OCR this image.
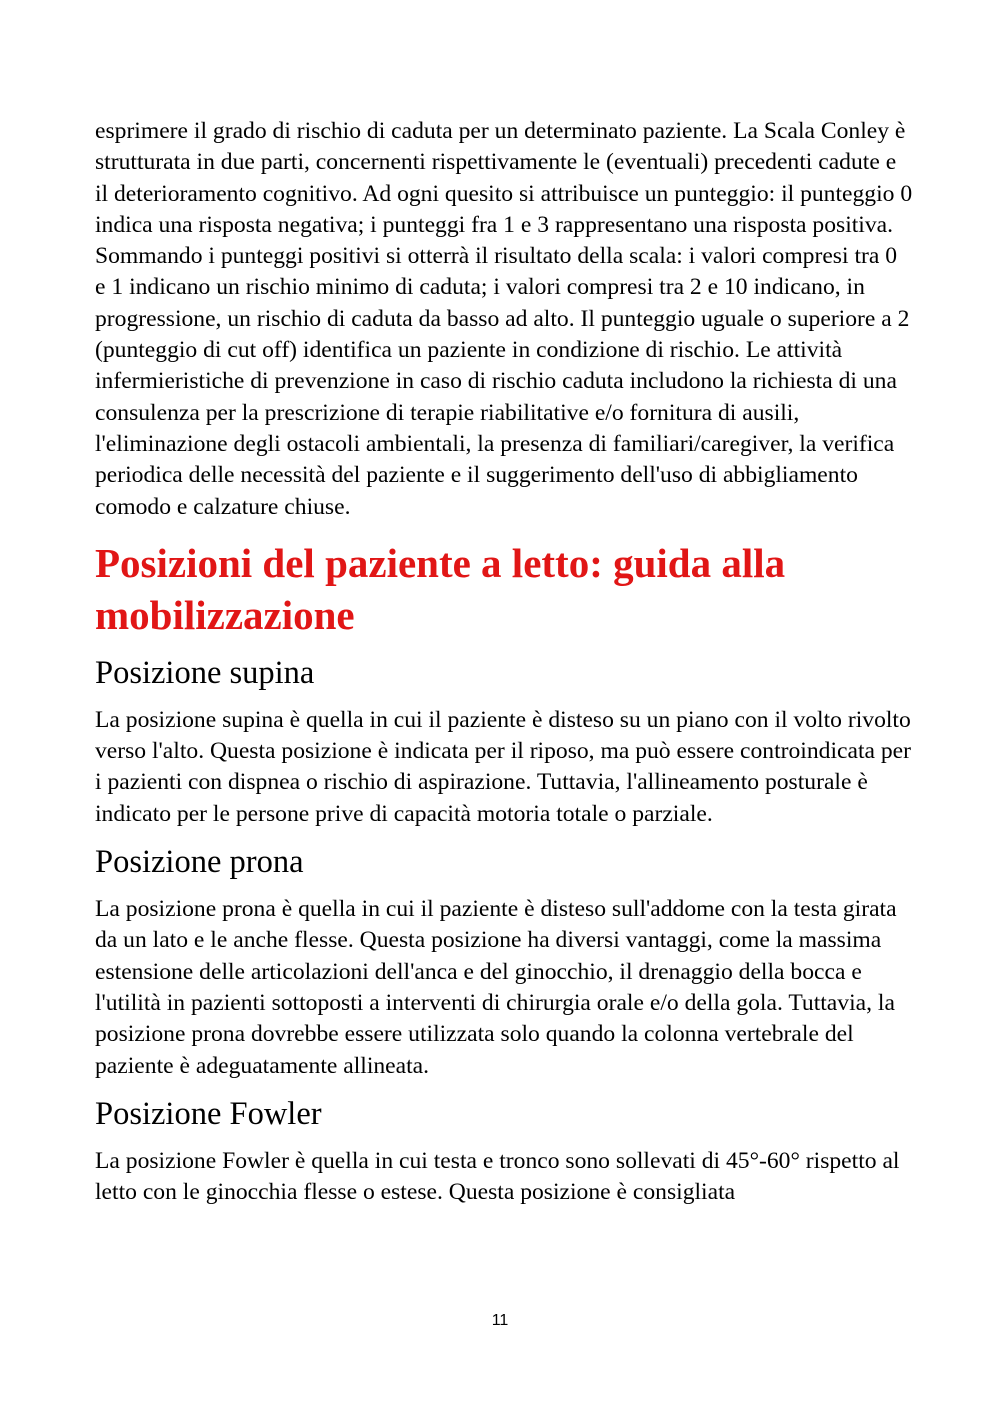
esprimere il grado di rischio di caduta per un determinato paziente. La Scala Conley è strutturata in due parti, concernenti rispettivamente le (eventuali) precedenti cadute e il deterioramento cognitivo. Ad ogni quesito si attribuisce un punteggio: il punteggio 0 indica una risposta negativa; i punteggi fra 1 e 3 rappresentano una risposta positiva. Sommando i punteggi positivi si otterrà il risultato della scala: i valori compresi tra 0 e 1 indicano un rischio minimo di caduta; i valori compresi tra 2 e 10 indicano, in progressione, un rischio di caduta da basso ad alto. Il punteggio uguale o superiore a 2 (punteggio di cut off) identifica un paziente in condizione di rischio. Le attività infermieristiche di prevenzione in caso di rischio caduta includono la richiesta di una consulenza per la prescrizione di terapie riabilitative e/o fornitura di ausili, l'eliminazione degli ostacoli ambientali, la presenza di familiari/caregiver, la verifica periodica delle necessità del paziente e il suggerimento dell'uso di abbigliamento comodo e calzature chiuse.

Posizioni del paziente a letto: guida alla mobilizzazione
Posizione supina

La posizione supina è quella in cui il paziente è disteso su un piano con il volto rivolto verso l'alto. Questa posizione è indicata per il riposo, ma può essere controindicata per i pazienti con dispnea o rischio di aspirazione. Tuttavia, l'allineamento posturale è indicato per le persone prive di capacità motoria totale o parziale.

Posizione prona

La posizione prona è quella in cui il paziente è disteso sull'addome con la testa girata da un lato e le anche flesse. Questa posizione ha diversi vantaggi, come la massima estensione delle articolazioni dell'anca e del ginocchio, il drenaggio della bocca e l'utilità in pazienti sottoposti a interventi di chirurgia orale e/o della gola. Tuttavia, la posizione prona dovrebbe essere utilizzata solo quando la colonna vertebrale del paziente è adeguatamente allineata.

Posizione Fowler

La posizione Fowler è quella in cui testa e tronco sono sollevati di 45°-60° rispetto al letto con le ginocchia flesse o estese. Questa posizione è consigliata

11
